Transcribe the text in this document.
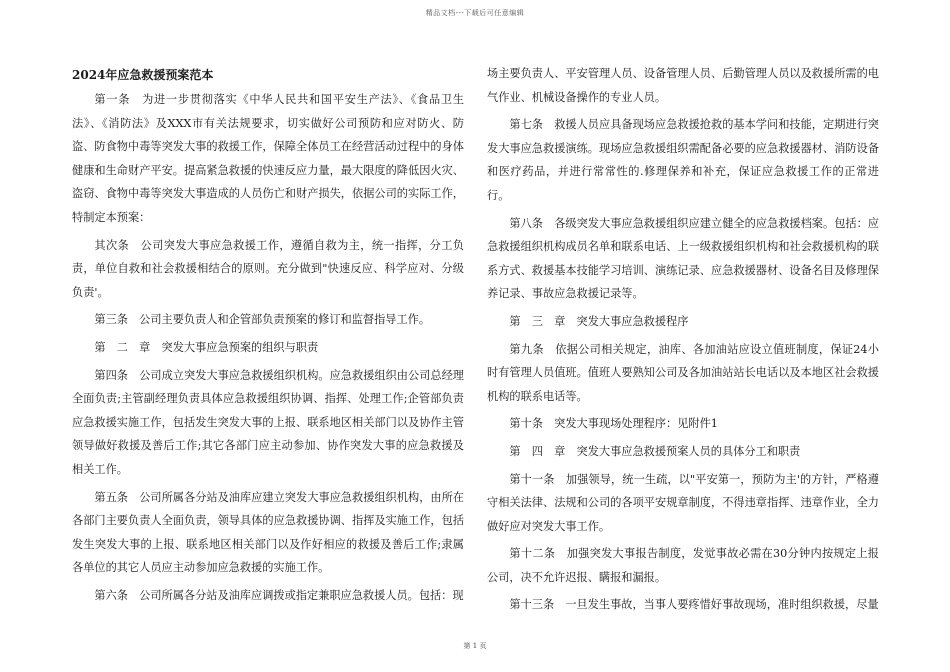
精品文档---下载后可任意编辑
2024年应急救援预案范本

第一条　为进一步贯彻落实《中华人民共和国平安生产法》、《食品卫生法》、《消防法》及XXX市有关法规要求，切实做好公司预防和应对防火、防盗、防食物中毒等突发大事的救援工作，保障全体员工在经营活动过程中的身体健康和生命财产平安。提高紧急救援的快速反应力量，最大限度的降低因火灾、盗窃、食物中毒等突发大事造成的人员伤亡和财产损失，依据公司的实际工作，特制定本预案：

其次条　公司突发大事应急救援工作，遵循自救为主，统一指挥，分工负责，单位自救和社会救援相结合的原则。充分做到"快速反应、科学应对、分级负责'。

第三条　公司主要负责人和企管部负责预案的修订和监督指导工作。

第　二　章　突发大事应急预案的组织与职责

第四条　公司成立突发大事应急救援组织机构。应急救援组织由公司总经理全面负责;主管副经理负责具体应急救援组织协调、指挥、处理工作;企管部负责应急救援实施工作，包括发生突发大事的上报、联系地区相关部门以及协作主管领导做好救援及善后工作;其它各部门应主动参加、协作突发大事的应急救援及相关工作。

第五条　公司所属各分站及油库应建立突发大事应急救援组织机构，由所在各部门主要负责人全面负责，领导具体的应急救援协调、指挥及实施工作，包括发生突发大事的上报、联系地区相关部门以及作好相应的救援及善后工作;隶属各单位的其它人员应主动参加应急救援的实施工作。

第六条　公司所属各分站及油库应调拨或指定兼职应急救援人员。包括：现

场主要负责人、平安管理人员、设备管理人员、后勤管理人员以及救援所需的电气作业、机械设备操作的专业人员。

第七条　救援人员应具备现场应急救援抢救的基本学问和技能，定期进行突发大事应急救援演练。现场应急救援组织需配备必要的应急救援器材、消防设备和医疗药品，并进行常常性的.修理保养和补充，保证应急救援工作的正常进行。

第八条　各级突发大事应急救援组织应建立健全的应急救援档案。包括：应急救援组织机构成员名单和联系电话、上一级救援组织机构和社会救援机构的联系方式、救援基本技能学习培训、演练记录、应急救援器材、设备名目及修理保养记录、事故应急救援记录等。

第　三　章　突发大事应急救援程序

第九条　依据公司相关规定，油库、各加油站应设立值班制度，保证24小时有管理人员值班。值班人要熟知公司及各加油站站长电话以及本地区社会救援机构的联系电话等。

第十条　突发大事现场处理程序：见附件1

第　四　章　突发大事应急救援预案人员的具体分工和职责

第十一条　加强领导，统一生疏，以"平安第一，预防为主'的方针，严格遵守相关法律、法规和公司的各项平安规章制度，不得违章指挥、违章作业，全力做好应对突发大事工作。

第十二条　加强突发大事报告制度，发觉事故必需在30分钟内按规定上报公司，决不允许迟报、瞒报和漏报。

第十三条　一旦发生事故，当事人要疼惜好事故现场，准时组织救援，尽量

第 1 页
